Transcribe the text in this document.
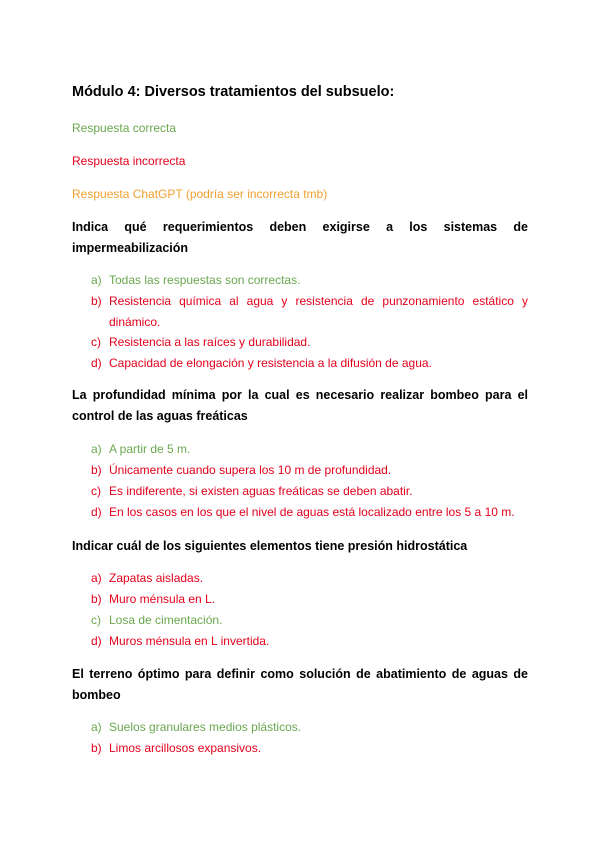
Módulo 4: Diversos tratamientos del subsuelo:
Respuesta correcta
Respuesta incorrecta
Respuesta ChatGPT (podría ser incorrecta tmb)
Indica qué requerimientos deben exigirse a los sistemas de
impermeabilización
a) Todas las respuestas son correctas.
b) Resistencia química al agua y resistencia de punzonamiento estático y
dinámico.
c) Resistencia a las raíces y durabilidad.
d) Capacidad de elongación y resistencia a la difusión de agua.
La profundidad mínima por la cual es necesario realizar bombeo para el
control de las aguas freáticas
a) A partir de 5 m.
b) Únicamente cuando supera los 10 m de profundidad.
c) Es indiferente, si existen aguas freáticas se deben abatir.
d) En los casos en los que el nivel de aguas está localizado entre los 5 a 10 m.
Indicar cuál de los siguientes elementos tiene presión hidrostática
a) Zapatas aisladas.
b) Muro ménsula en L.
c) Losa de cimentación.
d) Muros ménsula en L invertida.
El terreno óptimo para definir como solución de abatimiento de aguas de
bombeo
a) Suelos granulares medios plásticos.
b) Limos arcillosos expansivos.
